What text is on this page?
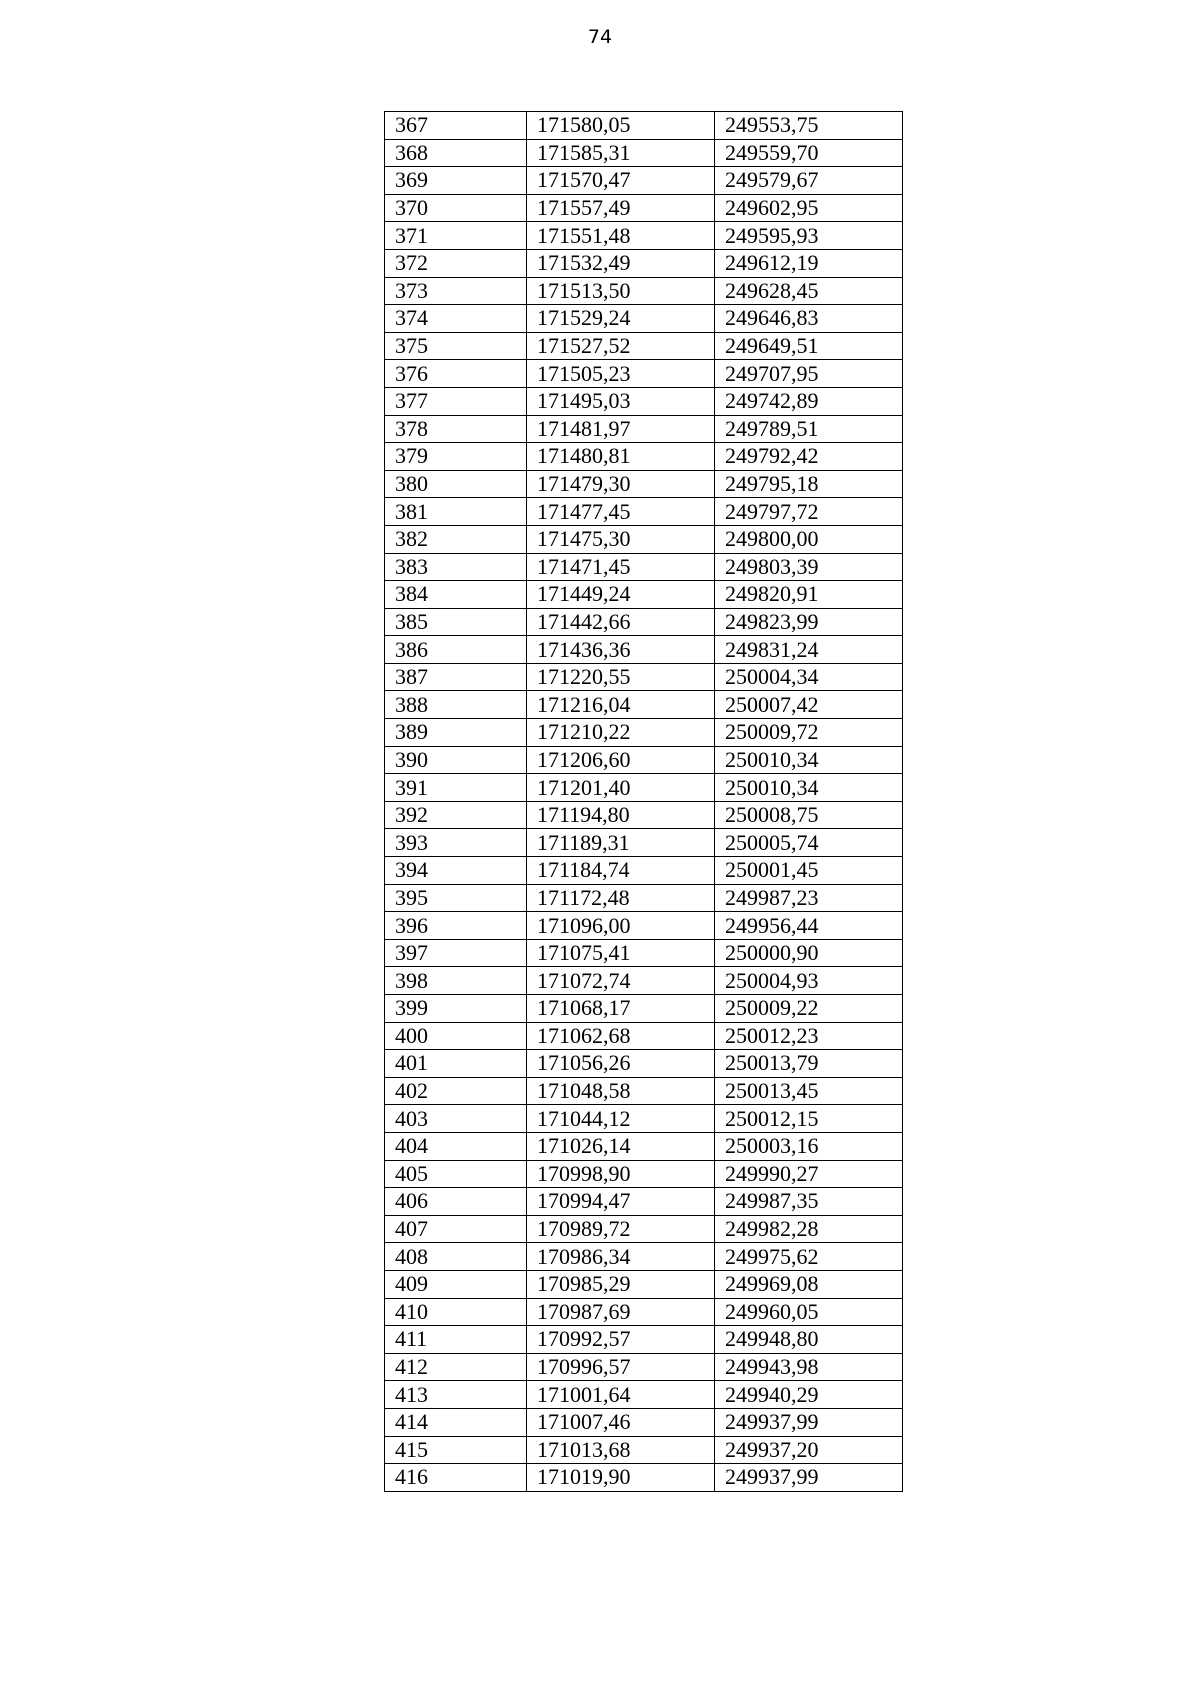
74
367	171580,05	249553,75
368	171585,31	249559,70
369	171570,47	249579,67
370	171557,49	249602,95
371	171551,48	249595,93
372	171532,49	249612,19
373	171513,50	249628,45
374	171529,24	249646,83
375	171527,52	249649,51
376	171505,23	249707,95
377	171495,03	249742,89
378	171481,97	249789,51
379	171480,81	249792,42
380	171479,30	249795,18
381	171477,45	249797,72
382	171475,30	249800,00
383	171471,45	249803,39
384	171449,24	249820,91
385	171442,66	249823,99
386	171436,36	249831,24
387	171220,55	250004,34
388	171216,04	250007,42
389	171210,22	250009,72
390	171206,60	250010,34
391	171201,40	250010,34
392	171194,80	250008,75
393	171189,31	250005,74
394	171184,74	250001,45
395	171172,48	249987,23
396	171096,00	249956,44
397	171075,41	250000,90
398	171072,74	250004,93
399	171068,17	250009,22
400	171062,68	250012,23
401	171056,26	250013,79
402	171048,58	250013,45
403	171044,12	250012,15
404	171026,14	250003,16
405	170998,90	249990,27
406	170994,47	249987,35
407	170989,72	249982,28
408	170986,34	249975,62
409	170985,29	249969,08
410	170987,69	249960,05
411	170992,57	249948,80
412	170996,57	249943,98
413	171001,64	249940,29
414	171007,46	249937,99
415	171013,68	249937,20
416	171019,90	249937,99
